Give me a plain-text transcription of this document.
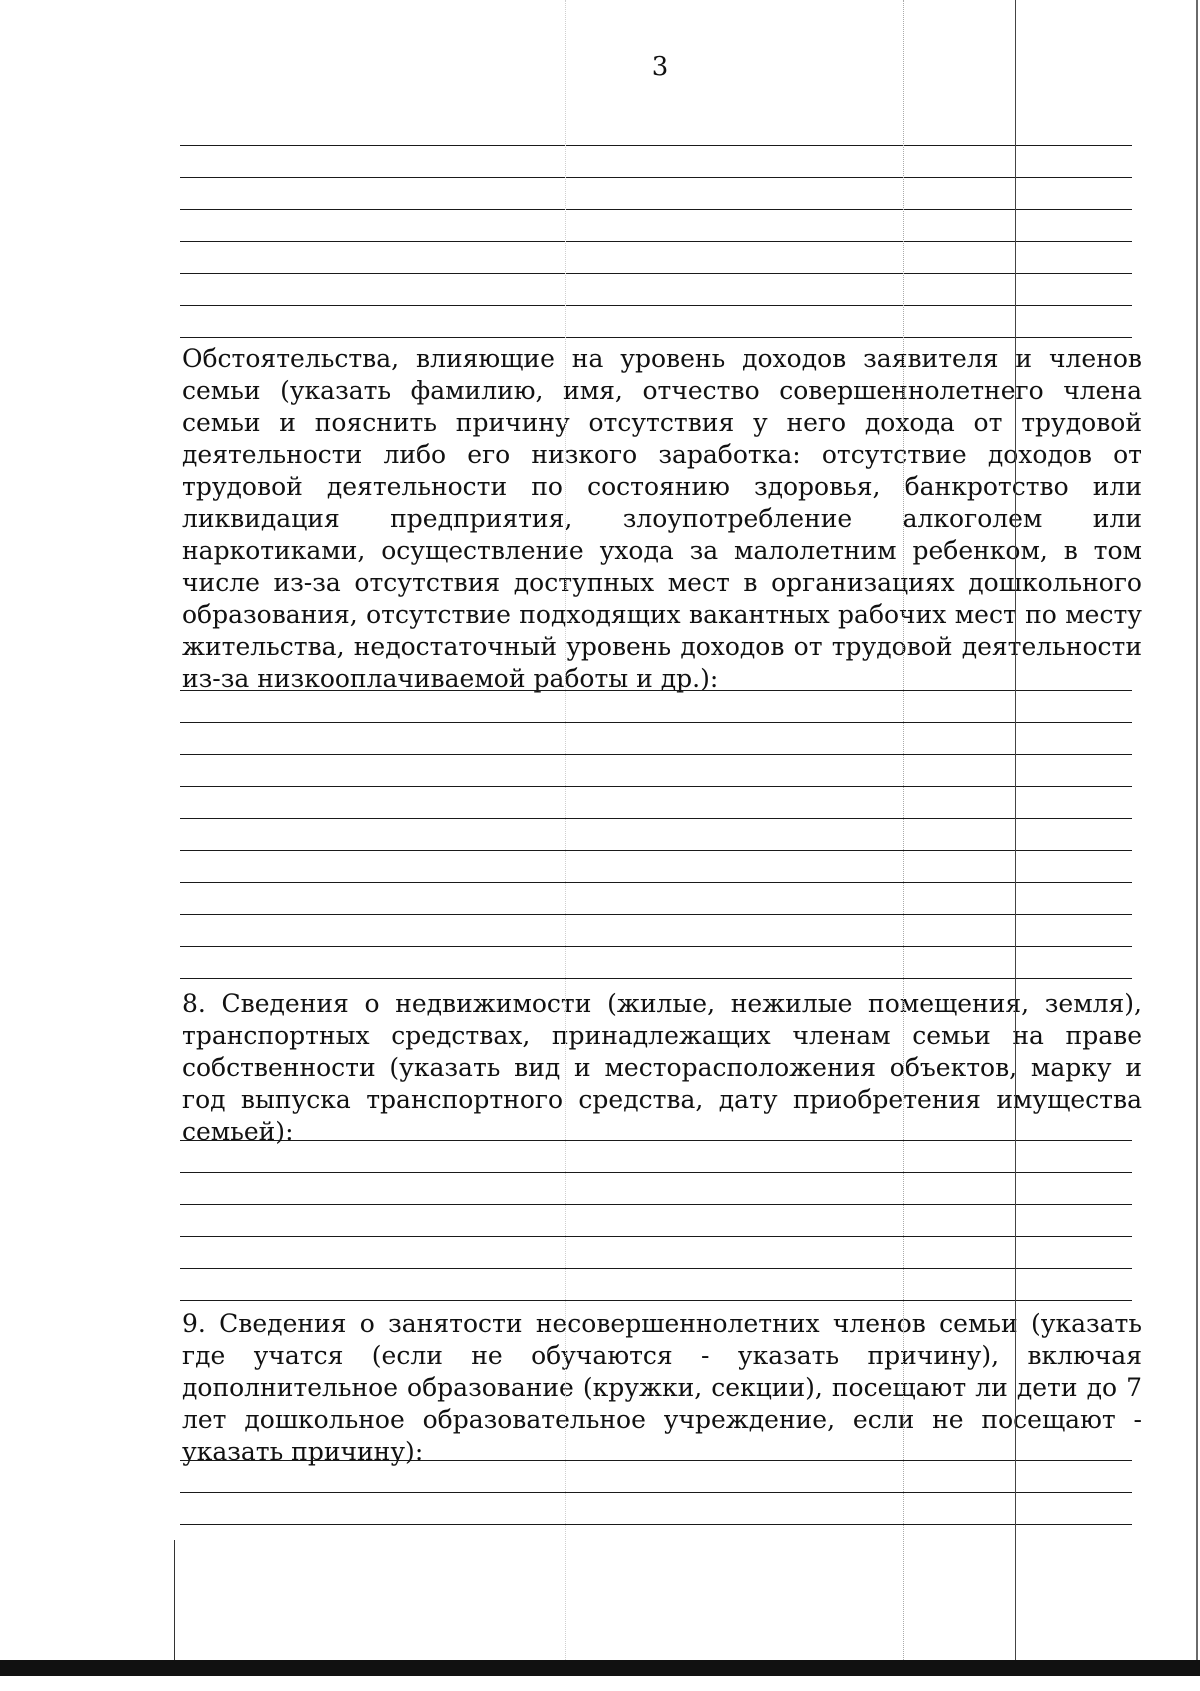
3

Обстоятельства, влияющие на уровень доходов заявителя и членов семьи (указать фамилию, имя, отчество совершеннолетнего члена семьи и пояснить причину отсутствия у него дохода от трудовой деятельности либо его низкого заработка: отсутствие доходов от трудовой деятельности по состоянию здоровья, банкротство или ликвидация предприятия, злоупотребление алкоголем или наркотиками, осуществление ухода за малолетним ребенком, в том числе из-за отсутствия доступных мест в организациях дошкольного образования, отсутствие подходящих вакантных рабочих мест по месту жительства, недостаточный уровень доходов от трудовой деятельности из-за низкооплачиваемой работы и др.):

8. Сведения о недвижимости (жилые, нежилые помещения, земля), транспортных средствах, принадлежащих членам семьи на праве собственности (указать вид и месторасположения объектов, марку и год выпуска транспортного средства, дату приобретения имущества семьей):

9. Сведения о занятости несовершеннолетних членов семьи (указать где учатся (если не обучаются - указать причину), включая дополнительное образование (кружки, секции), посещают ли дети до 7 лет дошкольное образовательное учреждение, если не посещают - указать причину):
